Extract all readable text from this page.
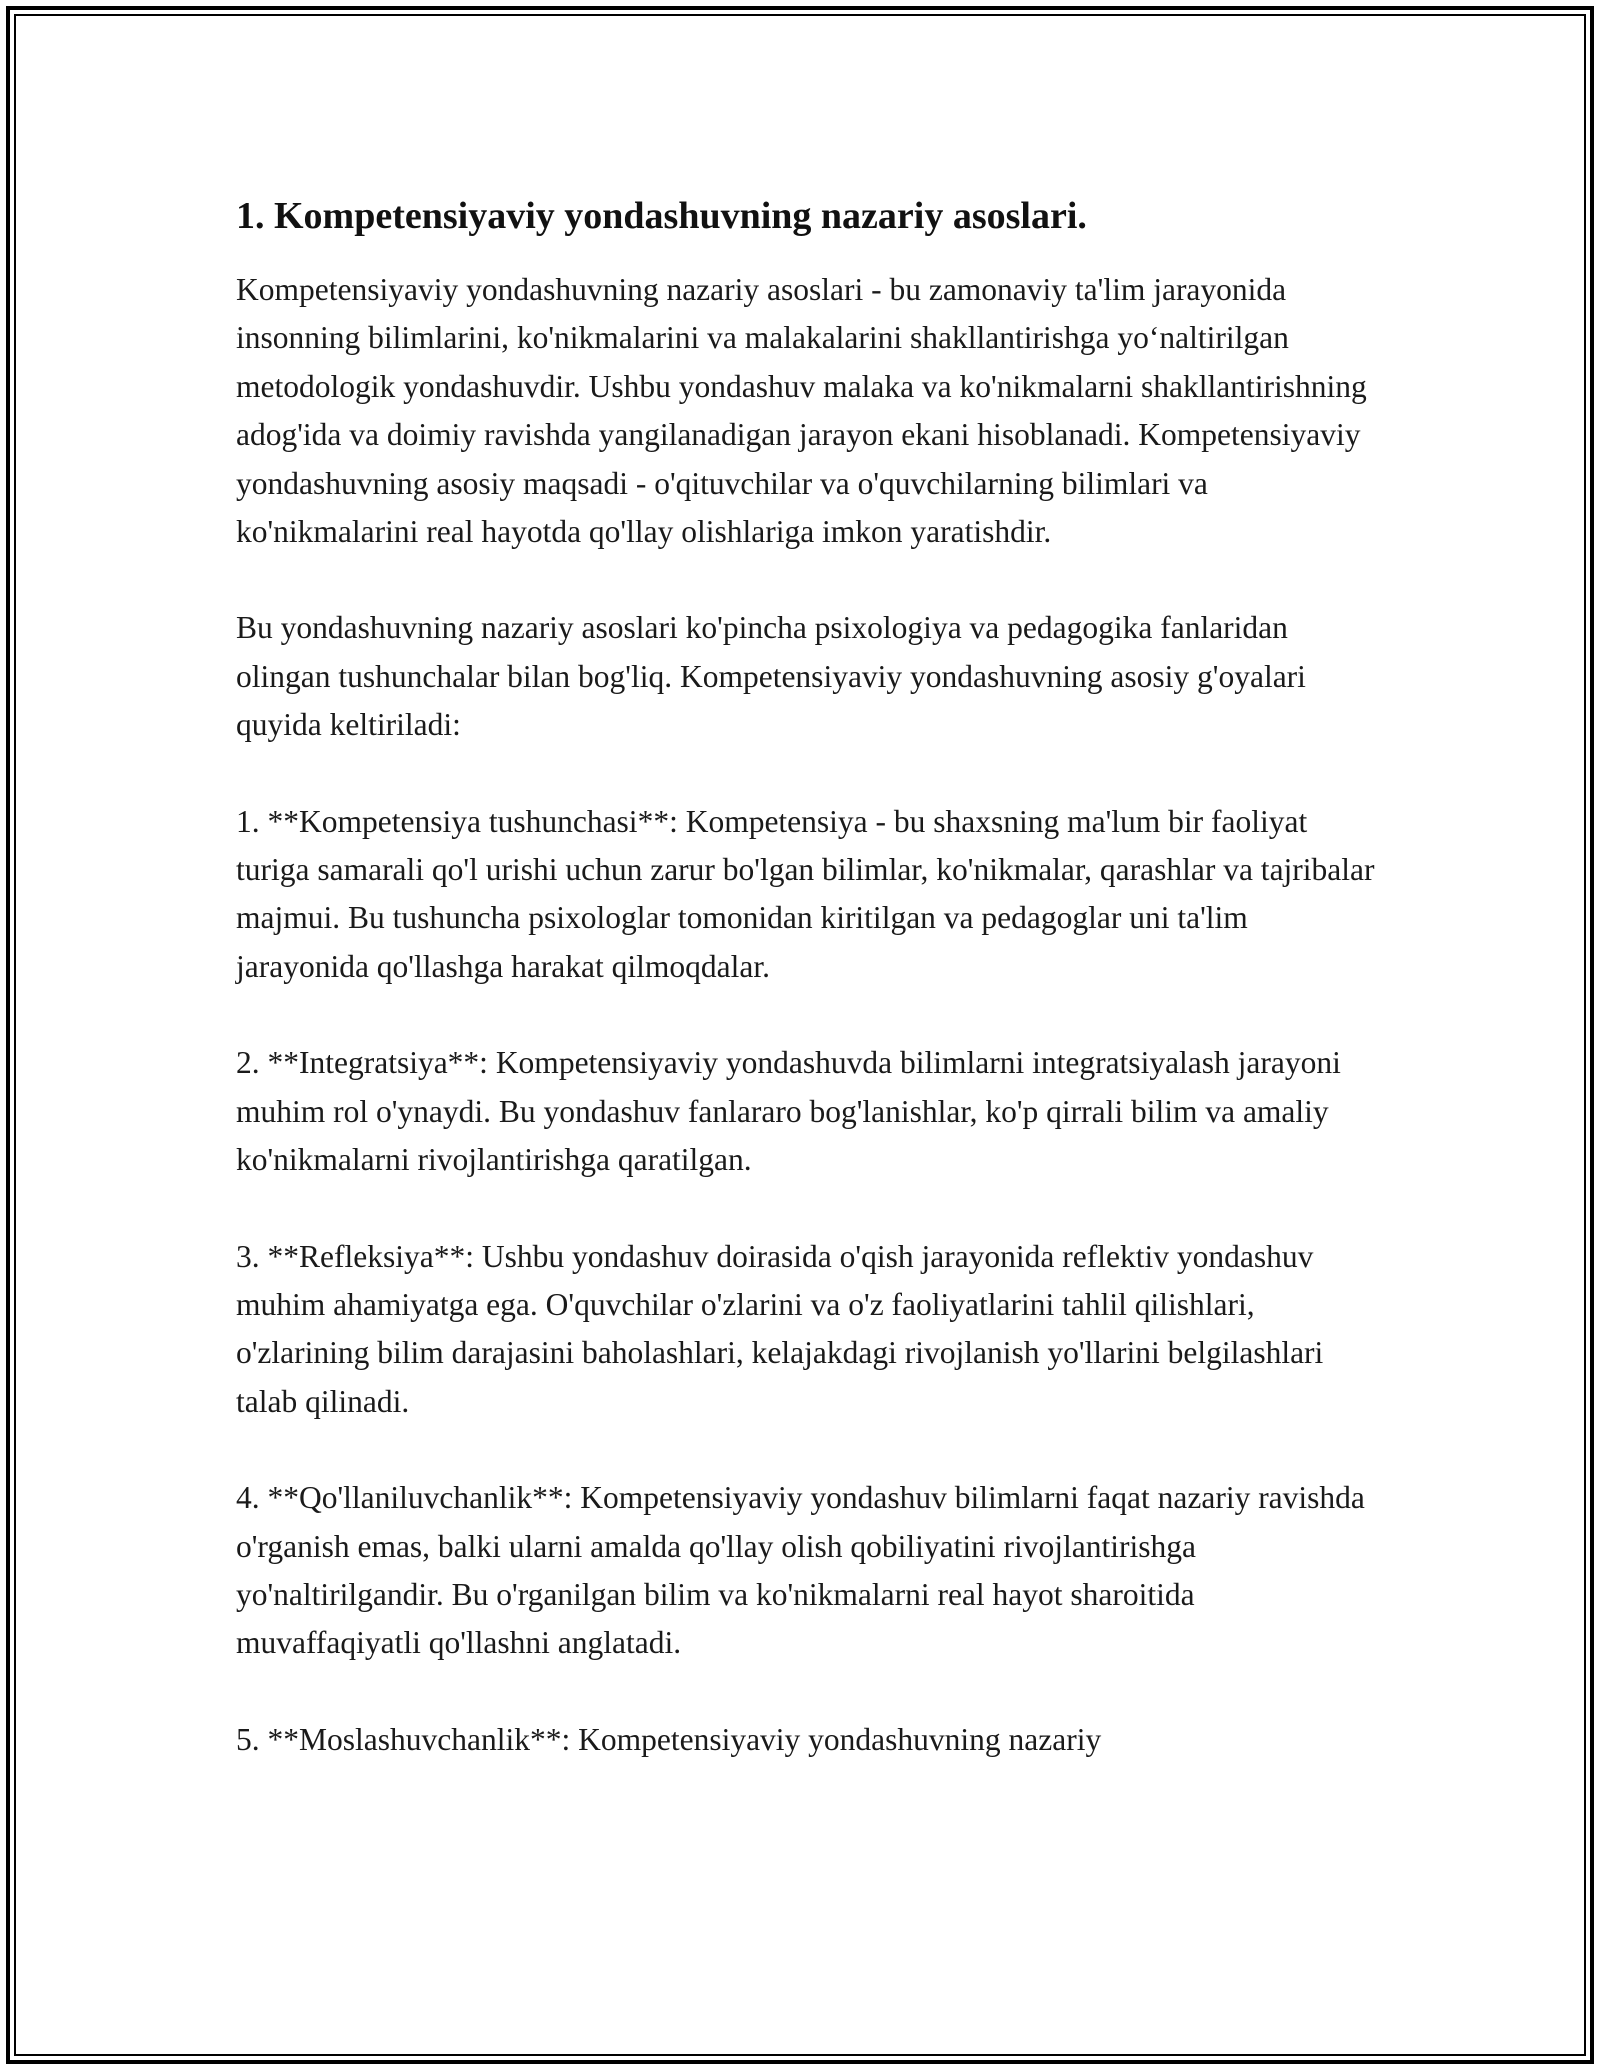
1. Kompetensiyaviy yondashuvning nazariy asoslari.

Kompetensiyaviy yondashuvning nazariy asoslari - bu zamonaviy ta'lim jarayonida insonning bilimlarini, ko'nikmalarini va malakalarini shakllantirishga yo‘naltirilgan metodologik yondashuvdir. Ushbu yondashuv malaka va ko'nikmalarni shakllantirishning adog'ida va doimiy ravishda yangilanadigan jarayon ekani hisoblanadi. Kompetensiyaviy yondashuvning asosiy maqsadi - o'qituvchilar va o'quvchilarning bilimlari va ko'nikmalarini real hayotda qo'llay olishlariga imkon yaratishdir.

Bu yondashuvning nazariy asoslari ko'pincha psixologiya va pedagogika fanlaridan olingan tushunchalar bilan bog'liq. Kompetensiyaviy yondashuvning asosiy g'oyalari quyida keltiriladi:

1. **Kompetensiya tushunchasi**: Kompetensiya - bu shaxsning ma'lum bir faoliyat turiga samarali qo'l urishi uchun zarur bo'lgan bilimlar, ko'nikmalar, qarashlar va tajribalar majmui. Bu tushuncha psixologlar tomonidan kiritilgan va pedagoglar uni ta'lim jarayonida qo'llashga harakat qilmoqdalar.

2. **Integratsiya**: Kompetensiyaviy yondashuvda bilimlarni integratsiyalash jarayoni muhim rol o'ynaydi. Bu yondashuv fanlararo bog'lanishlar, ko'p qirrali bilim va amaliy ko'nikmalarni rivojlantirishga qaratilgan.

3. **Refleksiya**: Ushbu yondashuv doirasida o'qish jarayonida reflektiv yondashuv muhim ahamiyatga ega. O'quvchilar o'zlarini va o'z faoliyatlarini tahlil qilishlari, o'zlarining bilim darajasini baholashlari, kelajakdagi rivojlanish yo'llarini belgilashlari talab qilinadi.

4. **Qo'llaniluvchanlik**: Kompetensiyaviy yondashuv bilimlarni faqat nazariy ravishda o'rganish emas, balki ularni amalda qo'llay olish qobiliyatini rivojlantirishga yo'naltirilgandir. Bu o'rganilgan bilim va ko'nikmalarni real hayot sharoitida muvaffaqiyatli qo'llashni anglatadi.

5. **Moslashuvchanlik**: Kompetensiyaviy yondashuvning nazariy
